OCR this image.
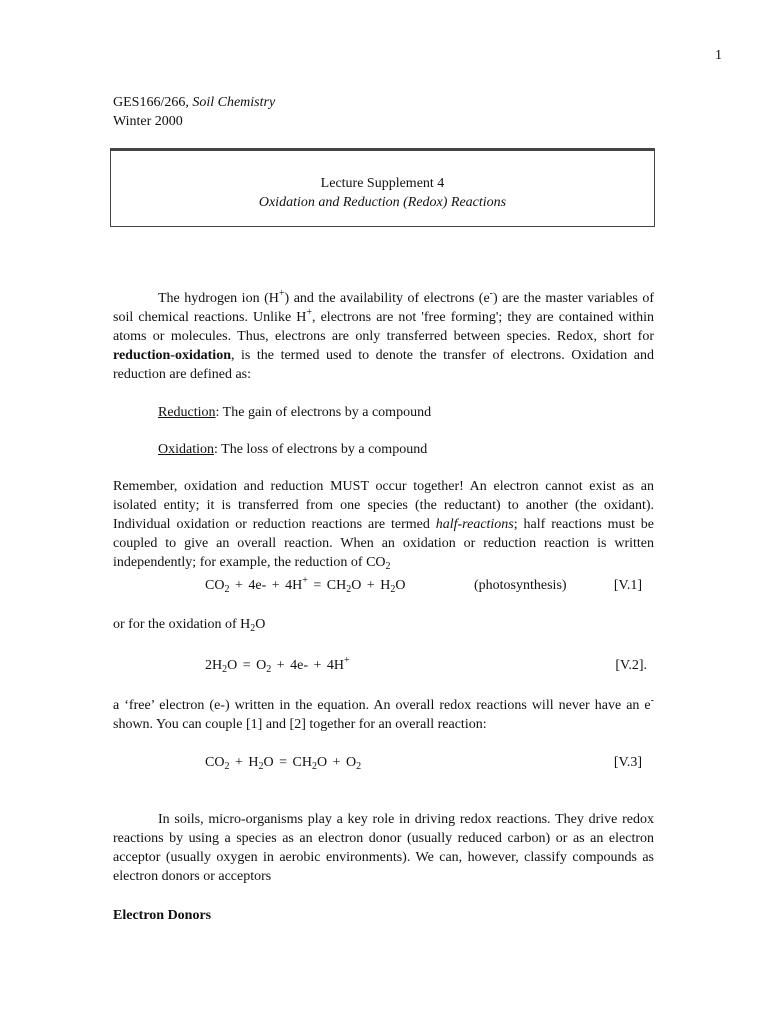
1
GES166/266, Soil Chemistry
Winter 2000
Lecture Supplement 4
Oxidation and Reduction (Redox) Reactions
The hydrogen ion (H+) and the availability of electrons (e-) are the master variables of soil chemical reactions. Unlike H+, electrons are not 'free forming'; they are contained within atoms or molecules. Thus, electrons are only transferred between species. Redox, short for reduction-oxidation, is the termed used to denote the transfer of electrons. Oxidation and reduction are defined as:
Reduction: The gain of electrons by a compound
Oxidation: The loss of electrons by a compound
Remember, oxidation and reduction MUST occur together! An electron cannot exist as an isolated entity; it is transferred from one species (the reductant) to another (the oxidant). Individual oxidation or reduction reactions are termed half-reactions; half reactions must be coupled to give an overall reaction. When an oxidation or reduction reaction is written independently; for example, the reduction of $CO_2$
$CO_2 + 4e- + 4H^+ = CH_2O + H_2O$	(photosynthesis)	[V.1]
or for the oxidation of $H_2O$
$2H_2O = O_2 + 4e- + 4H^+$	[V.2].
a ‘free’ electron (e-) written in the equation. An overall redox reactions will never have an e- shown. You can couple [1] and [2] together for an overall reaction:
$CO_2 + H_2O = CH_2O + O_2$	[V.3]
In soils, micro-organisms play a key role in driving redox reactions. They drive redox reactions by using a species as an electron donor (usually reduced carbon) or as an electron acceptor (usually oxygen in aerobic environments). We can, however, classify compounds as electron donors or acceptors
Electron Donors
